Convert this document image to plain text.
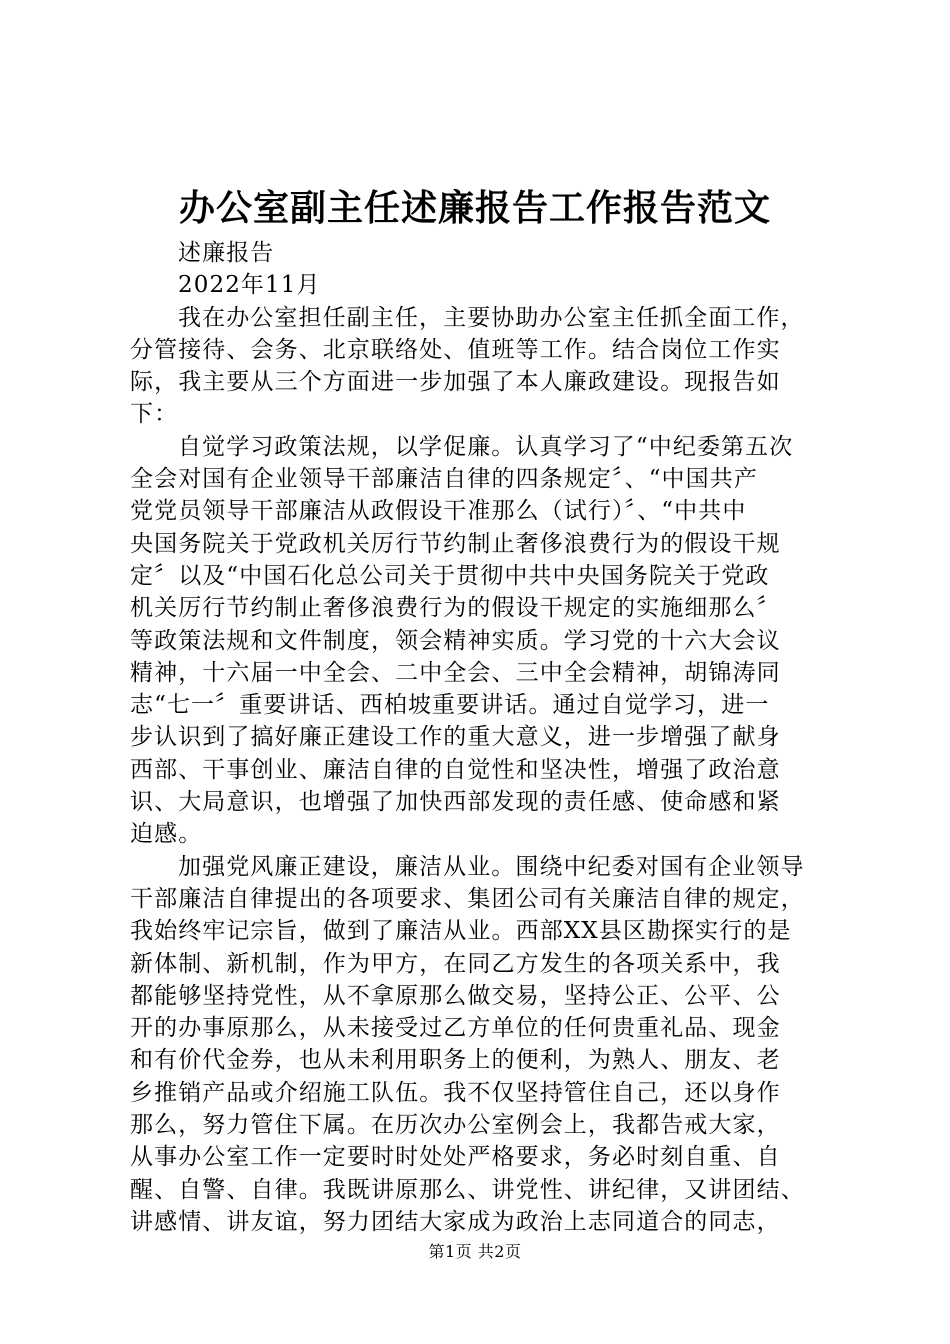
办公室副主任述廉报告工作报告范文
述廉报告
2022年11月
我在办公室担任副主任，主要协助办公室主任抓全面工作，
分管接待、会务、北京联络处、值班等工作。结合岗位工作实
际，我主要从三个方面进一步加强了本人廉政建设。现报告如
下：
自觉学习政策法规，以学促廉。认真学习了“中纪委第五次
全会对国有企业领导干部廉洁自律的四条规定〞、“中国共产
党党员领导干部廉洁从政假设干准那么（试行）〞、“中共中
央国务院关于党政机关厉行节约制止奢侈浪费行为的假设干规
定〞以及“中国石化总公司关于贯彻中共中央国务院关于党政
机关厉行节约制止奢侈浪费行为的假设干规定的实施细那么〞
等政策法规和文件制度，领会精神实质。学习党的十六大会议
精神，十六届一中全会、二中全会、三中全会精神，胡锦涛同
志“七一〞重要讲话、西柏坡重要讲话。通过自觉学习，进一
步认识到了搞好廉正建设工作的重大意义，进一步增强了献身
西部、干事创业、廉洁自律的自觉性和坚决性，增强了政治意
识、大局意识，也增强了加快西部发现的责任感、使命感和紧
迫感。
加强党风廉正建设，廉洁从业。围绕中纪委对国有企业领导
干部廉洁自律提出的各项要求、集团公司有关廉洁自律的规定，
我始终牢记宗旨，做到了廉洁从业。西部XX县区勘探实行的是
新体制、新机制，作为甲方，在同乙方发生的各项关系中，我
都能够坚持党性，从不拿原那么做交易，坚持公正、公平、公
开的办事原那么，从未接受过乙方单位的任何贵重礼品、现金
和有价代金券，也从未利用职务上的便利，为熟人、朋友、老
乡推销产品或介绍施工队伍。我不仅坚持管住自己，还以身作
那么，努力管住下属。在历次办公室例会上，我都告戒大家，
从事办公室工作一定要时时处处严格要求，务必时刻自重、自
醒、自警、自律。我既讲原那么、讲党性、讲纪律，又讲团结、
讲感情、讲友谊，努力团结大家成为政治上志同道合的同志，
第1页 共2页
